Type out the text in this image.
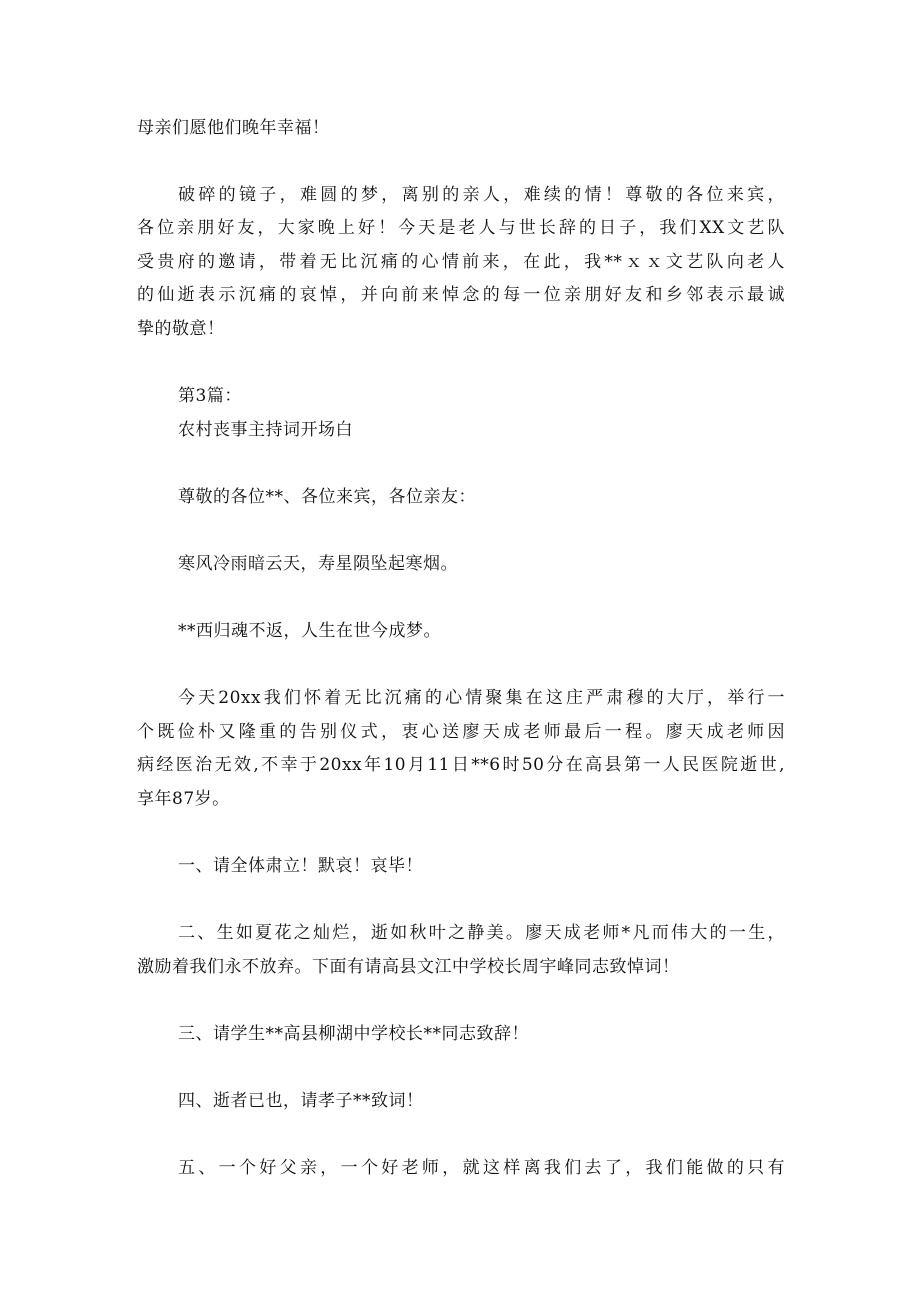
母亲们愿他们晚年幸福！
破碎的镜子，难圆的梦，离别的亲人，难续的情！尊敬的各位来宾，
各位亲朋好友，大家晚上好！今天是老人与世长辞的日子，我们XX文艺队
受贵府的邀请，带着无比沉痛的心情前来，在此，我**ｘｘ文艺队向老人
的仙逝表示沉痛的哀悼，并向前来悼念的每一位亲朋好友和乡邻表示最诚
挚的敬意！
第3篇：
农村丧事主持词开场白
尊敬的各位**、各位来宾，各位亲友：
寒风冷雨暗云天，寿星陨坠起寒烟。
**西归魂不返，人生在世今成梦。
今天20xx我们怀着无比沉痛的心情聚集在这庄严肃穆的大厅，举行一
个既俭朴又隆重的告别仪式，衷心送廖天成老师最后一程。廖天成老师因
病经医治无效,不幸于20xx年10月11日**6时50分在高县第一人民医院逝世,
享年87岁。
一、请全体肃立！默哀！哀毕！
二、生如夏花之灿烂，逝如秋叶之静美。廖天成老师*凡而伟大的一生，
激励着我们永不放弃。下面有请高县文江中学校长周宇峰同志致悼词！
三、请学生**高县柳湖中学校长**同志致辞！
四、逝者已也，请孝子**致词！
五、一个好父亲，一个好老师，就这样离我们去了，我们能做的只有
